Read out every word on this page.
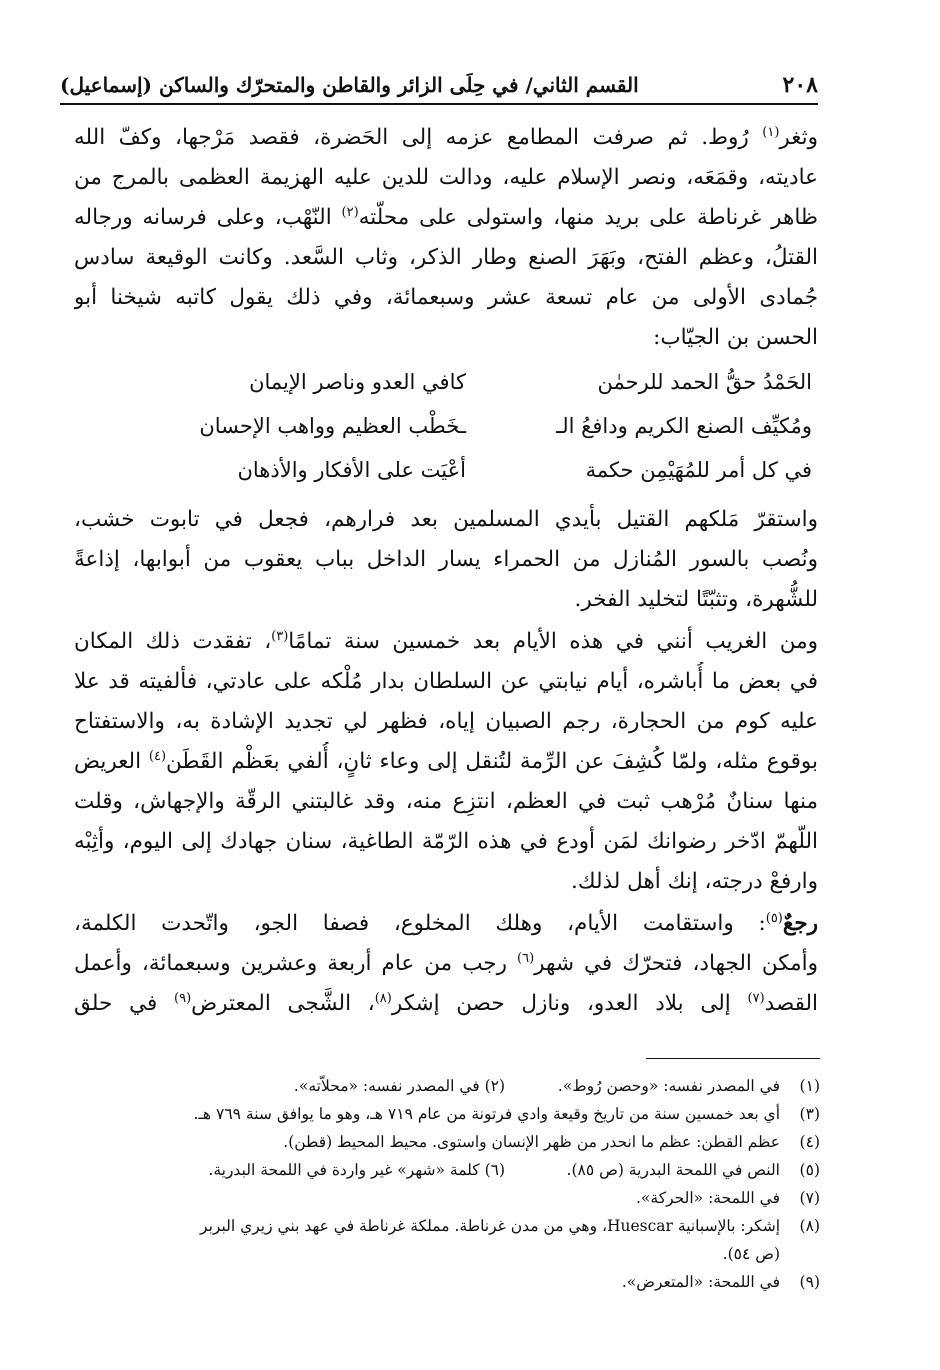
٢٠٨
القسم الثاني/ في حِلَى الزائر والقاطن والمتحرّك والساكن (إسماعيل)
وثغر$^{(١)}$ رُوط. ثم صرفت المطامع عزمه إلى الحَضرة، فقصد مَرْجها، وكفّ الله
عاديته، وقمَعَه، ونصر الإسلام عليه، ودالت للدين عليه الهزيمة العظمى بالمرج من
ظاهر غرناطة على بريد منها، واستولى على محلّته$^{(٢)}$ النّهْب، وعلى فرسانه ورجاله
القتلُ، وعظم الفتح، وبَهَرَ الصنع وطار الذكر، وثاب السَّعد. وكانت الوقيعة سادس
جُمادى الأولى من عام تسعة عشر وسبعمائة، وفي ذلك يقول كاتبه شيخنا أبو
الحسن بن الجيّاب:
الحَمْدُ حقُّ الحمد للرحمٰن
كافي العدو وناصر الإيمان
ومُكيِّف الصنع الكريم ودافعُ الـ
ـخَطْب العظيم وواهب الإحسان
في كل أمر للمُهَيْمِن حكمة
أعْيَت على الأفكار والأذهان
واستقرّ مَلكهم القتيل بأيدي المسلمين بعد فرارهم، فجعل في تابوت خشب،
ونُصب بالسور المُنازل من الحمراء يسار الداخل بباب يعقوب من أبوابها، إذاعةً
للشُّهرة، وتثبّتًا لتخليد الفخر.
ومن الغريب أنني في هذه الأيام بعد خمسين سنة تمامًا$^{(٣)}$، تفقدت ذلك المكان
في بعض ما أُباشره، أيام نيابتي عن السلطان بدار مُلْكه على عادتي، فألفيته قد علا
عليه كوم من الحجارة، رجم الصبيان إياه، فظهر لي تجديد الإشادة به، والاستفتاح
بوقوع مثله، ولمّا كُشِفَ عن الرِّمة لتُنقل إلى وعاء ثانٍ، أُلفي بعَظْم القَطَن$^{(٤)}$ العريض
منها سنانٌ مُرْهب ثبت في العظم، انتزِع منه، وقد غالبتني الرقّة والإجهاش، وقلت
اللّهمّ ادّخر رضوانك لمَن أودع في هذه الرّمّة الطاغية، سنان جهادك إلى اليوم، وأثِبْه
وارفعْ درجته، إنك أهل لذلك.
رجعٌ$^{(٥)}$: واستقامت الأيام، وهلك المخلوع، فصفا الجو، واتّحدت الكلمة،
وأمكن الجهاد، فتحرّك في شهر$^{(٦)}$ رجب من عام أربعة وعشرين وسبعمائة، وأعمل
القصد$^{(٧)}$ إلى بلاد العدو، ونازل حصن إشكر$^{(٨)}$، الشَّجى المعترض$^{(٩)}$ في حلق
(١)
في المصدر نفسه: «وحصن رُوط». (٢) في المصدر نفسه: «محلاّته».
(٣)
أي بعد خمسين سنة من تاريخ وقيعة وادي فرتونة من عام ٧١٩ هـ، وهو ما يوافق سنة ٧٦٩ هـ.
(٤)
عظم القطن: عظم ما انحدر من ظهر الإنسان واستوى. محيط المحيط (قطن).
(٥)
النص في اللمحة البدرية (ص ٨٥). (٦) كلمة «شهر» غير واردة في اللمحة البدرية.
(٧)
في اللمحة: «الحركة».
(٨)
إشكر: بالإسبانية Huescar، وهي من مدن غرناطة. مملكة غرناطة في عهد بني زيري البربر
(ص ٥٤).
(٩)
في اللمحة: «المتعرض».
